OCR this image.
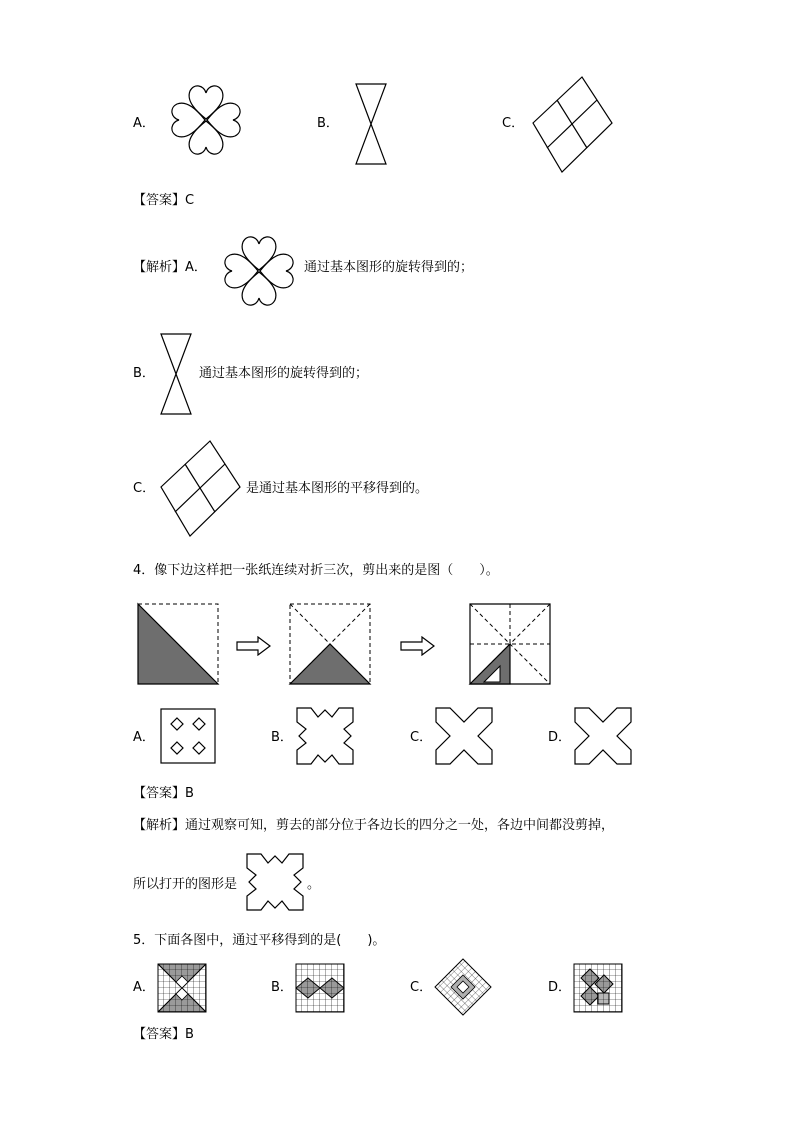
A．	B．	C．
【答案】C
【解析】A．	通过基本图形的旋转得到的；
B．	通过基本图形的旋转得到的；
C．	是通过基本图形的平移得到的。
4．像下边这样把一张纸连续对折三次，剪出来的是图（　　）。
A．	B．	C．	D．
【答案】B
【解析】通过观察可知，剪去的部分位于各边长的四分之一处，各边中间都没剪掉，
所以打开的图形是	。
5．下面各图中，通过平移得到的是(　　)。
A．	B．	C．	D．
【答案】B
